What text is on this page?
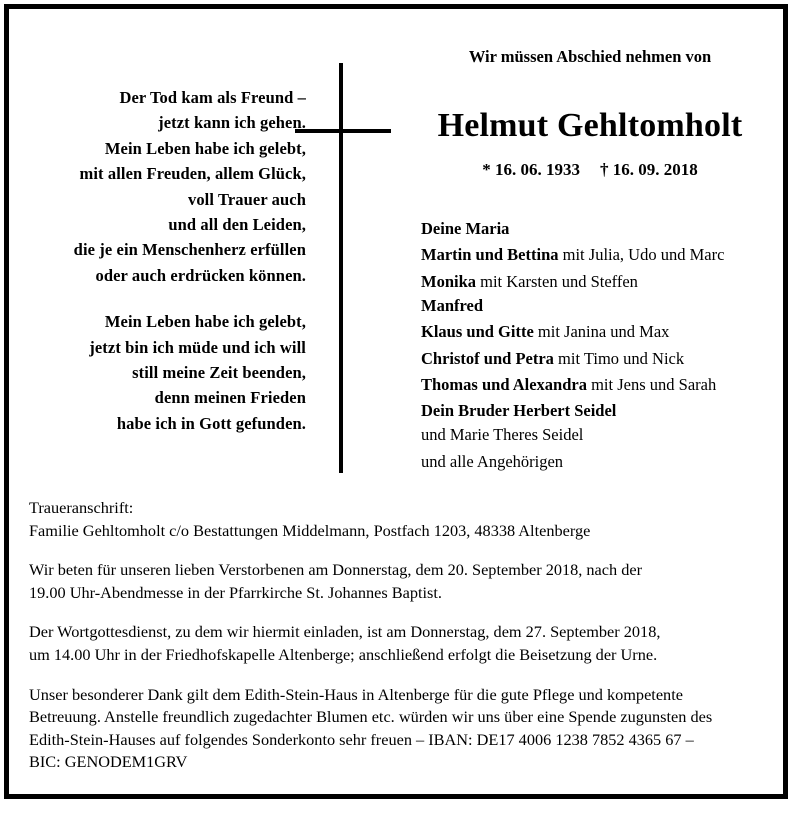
Der Tod kam als Freund –
jetzt kann ich gehen.
Mein Leben habe ich gelebt,
mit allen Freuden, allem Glück,
voll Trauer auch
und all den Leiden,
die je ein Menschenherz erfüllen
oder auch erdrücken können.
Mein Leben habe ich gelebt,
jetzt bin ich müde und ich will
still meine Zeit beenden,
denn meinen Frieden
habe ich in Gott gefunden.
Wir müssen Abschied nehmen von
Helmut Gehltomholt
* 16. 06. 1933 † 16. 09. 2018
Deine Maria
Martin und Bettina mit Julia, Udo und Marc
Monika mit Karsten und Steffen
Manfred
Klaus und Gitte mit Janina und Max
Christof und Petra mit Timo und Nick
Thomas und Alexandra mit Jens und Sarah
Dein Bruder Herbert Seidel
und Marie Theres Seidel
und alle Angehörigen

Traueranschrift:

Familie Gehltomholt c/o Bestattungen Middelmann, Postfach 1203, 48338 Altenberge

Wir beten für unseren lieben Verstorbenen am Donnerstag, dem 20. September 2018, nach der

19.00 Uhr-Abendmesse in der Pfarrkirche St. Johannes Baptist.

Der Wortgottesdienst, zu dem wir hiermit einladen, ist am Donnerstag, dem 27. September 2018,

um 14.00 Uhr in der Friedhofskapelle Altenberge; anschließend erfolgt die Beisetzung der Urne.

Unser besonderer Dank gilt dem Edith-Stein-Haus in Altenberge für die gute Pflege und kompetente

Betreuung. Anstelle freundlich zugedachter Blumen etc. würden wir uns über eine Spende zugunsten des

Edith-Stein-Hauses auf folgendes Sonderkonto sehr freuen – IBAN: DE17 4006 1238 7852 4365 67 –

BIC: GENODEM1GRV
